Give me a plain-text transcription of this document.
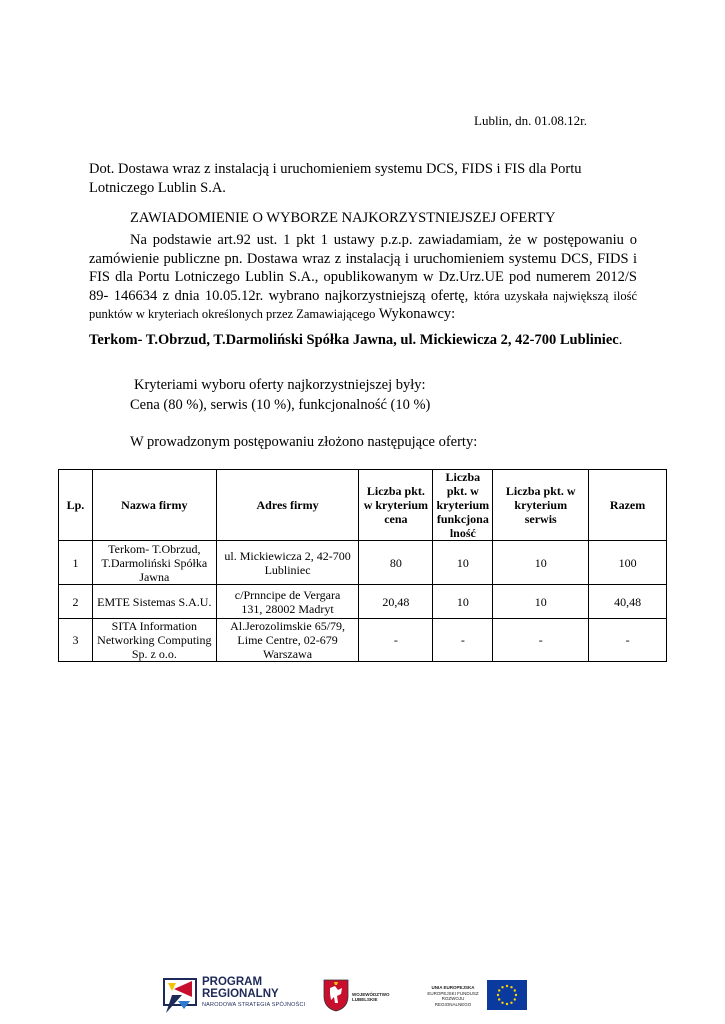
Lublin, dn. 01.08.12r.
Dot. Dostawa wraz z instalacją i uruchomieniem systemu DCS, FIDS i FIS dla Portu Lotniczego Lublin S.A.
ZAWIADOMIENIE O WYBORZE NAJKORZYSTNIEJSZEJ OFERTY
Na podstawie art.92 ust. 1 pkt 1 ustawy p.z.p. zawiadamiam, że w postępowaniu o zamówienie publiczne pn. Dostawa wraz z instalacją i uruchomieniem systemu DCS, FIDS i FIS dla Portu Lotniczego Lublin S.A., opublikowanym w Dz.Urz.UE pod numerem 2012/S 89- 146634 z dnia 10.05.12r. wybrano najkorzystniejszą ofertę, która uzyskała największą ilość punktów w kryteriach określonych przez Zamawiającego Wykonawcy:
Terkom- T.Obrzud, T.Darmoliński Spółka Jawna, ul. Mickiewicza 2, 42-700 Lubliniec.
Kryteriami wyboru oferty najkorzystniejszej były:
Cena (80 %), serwis (10 %), funkcjonalność (10 %)
W prowadzonym postępowaniu złożono następujące oferty:
Lp.	Nazwa firmy	Adres firmy	Liczba pkt.
w kryterium
cena	Liczba
pkt. w
kryterium
funkcjona
lność	Liczba pkt. w
kryterium
serwis	Razem
1	Terkom- T.Obrzud,
T.Darmoliński Spółka
Jawna	ul. Mickiewicza 2, 42-700
Lubliniec	80	10	10	100
2	EMTE Sistemas S.A.U.	c/Prnncipe de Vergara
131, 28002 Madryt	20,48	10	10	40,48
3	SITA Information
Networking Computing
Sp. z o.o.	Al.Jerozolimskie 65/79,
Lime Centre, 02-679
Warszawa	-	-	-	-
PROGRAM
REGIONALNY
NARODOWA STRATEGIA SPÓJNOŚCI
WOJEWÓDZTWO
LUBELSKIE
UNIA EUROPEJSKA
EUROPEJSKI FUNDUSZ
ROZWOJU REGIONALNEGO
